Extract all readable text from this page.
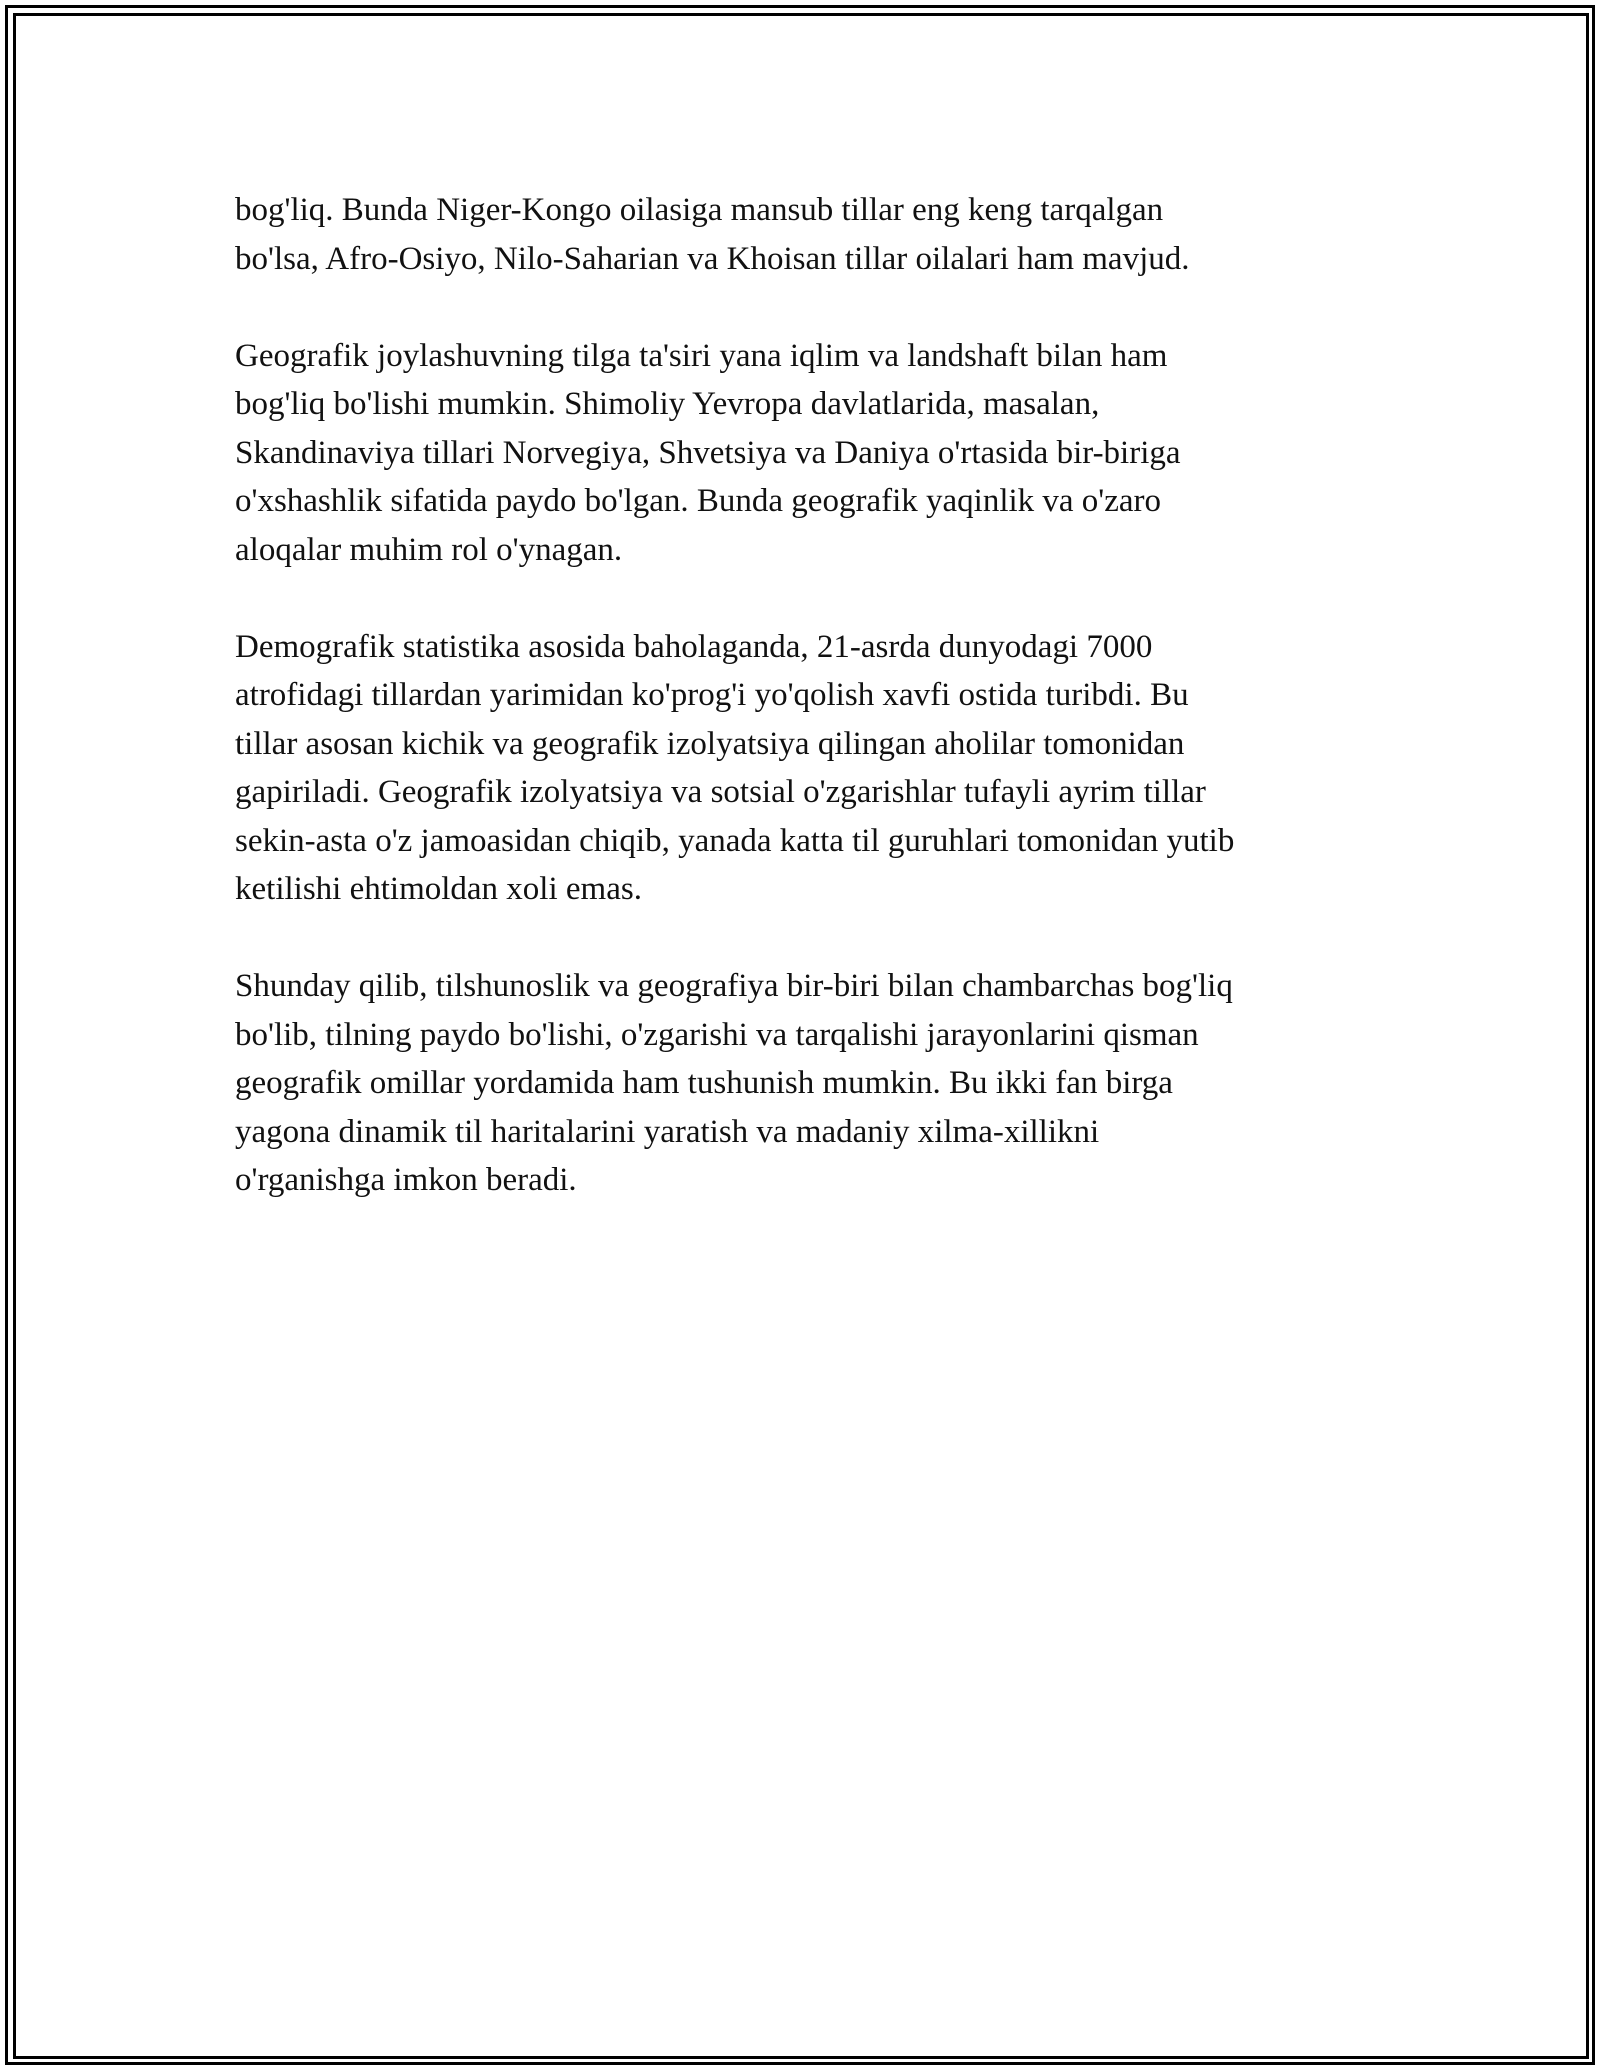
bog'liq. Bunda Niger-Kongo oilasiga mansub tillar eng keng tarqalgan
bo'lsa, Afro-Osiyo, Nilo-Saharian va Khoisan tillar oilalari ham mavjud.

Geografik joylashuvning tilga ta'siri yana iqlim va landshaft bilan ham
bog'liq bo'lishi mumkin. Shimoliy Yevropa davlatlarida, masalan,
Skandinaviya tillari Norvegiya, Shvetsiya va Daniya o'rtasida bir-biriga
o'xshashlik sifatida paydo bo'lgan. Bunda geografik yaqinlik va o'zaro
aloqalar muhim rol o'ynagan.

Demografik statistika asosida baholaganda, 21-asrda dunyodagi 7000
atrofidagi tillardan yarimidan ko'prog'i yo'qolish xavfi ostida turibdi. Bu
tillar asosan kichik va geografik izolyatsiya qilingan aholilar tomonidan
gapiriladi. Geografik izolyatsiya va sotsial o'zgarishlar tufayli ayrim tillar
sekin-asta o'z jamoasidan chiqib, yanada katta til guruhlari tomonidan yutib
ketilishi ehtimoldan xoli emas.

Shunday qilib, tilshunoslik va geografiya bir-biri bilan chambarchas bog'liq
bo'lib, tilning paydo bo'lishi, o'zgarishi va tarqalishi jarayonlarini qisman
geografik omillar yordamida ham tushunish mumkin. Bu ikki fan birga
yagona dinamik til haritalarini yaratish va madaniy xilma-xillikni
o'rganishga imkon beradi.
